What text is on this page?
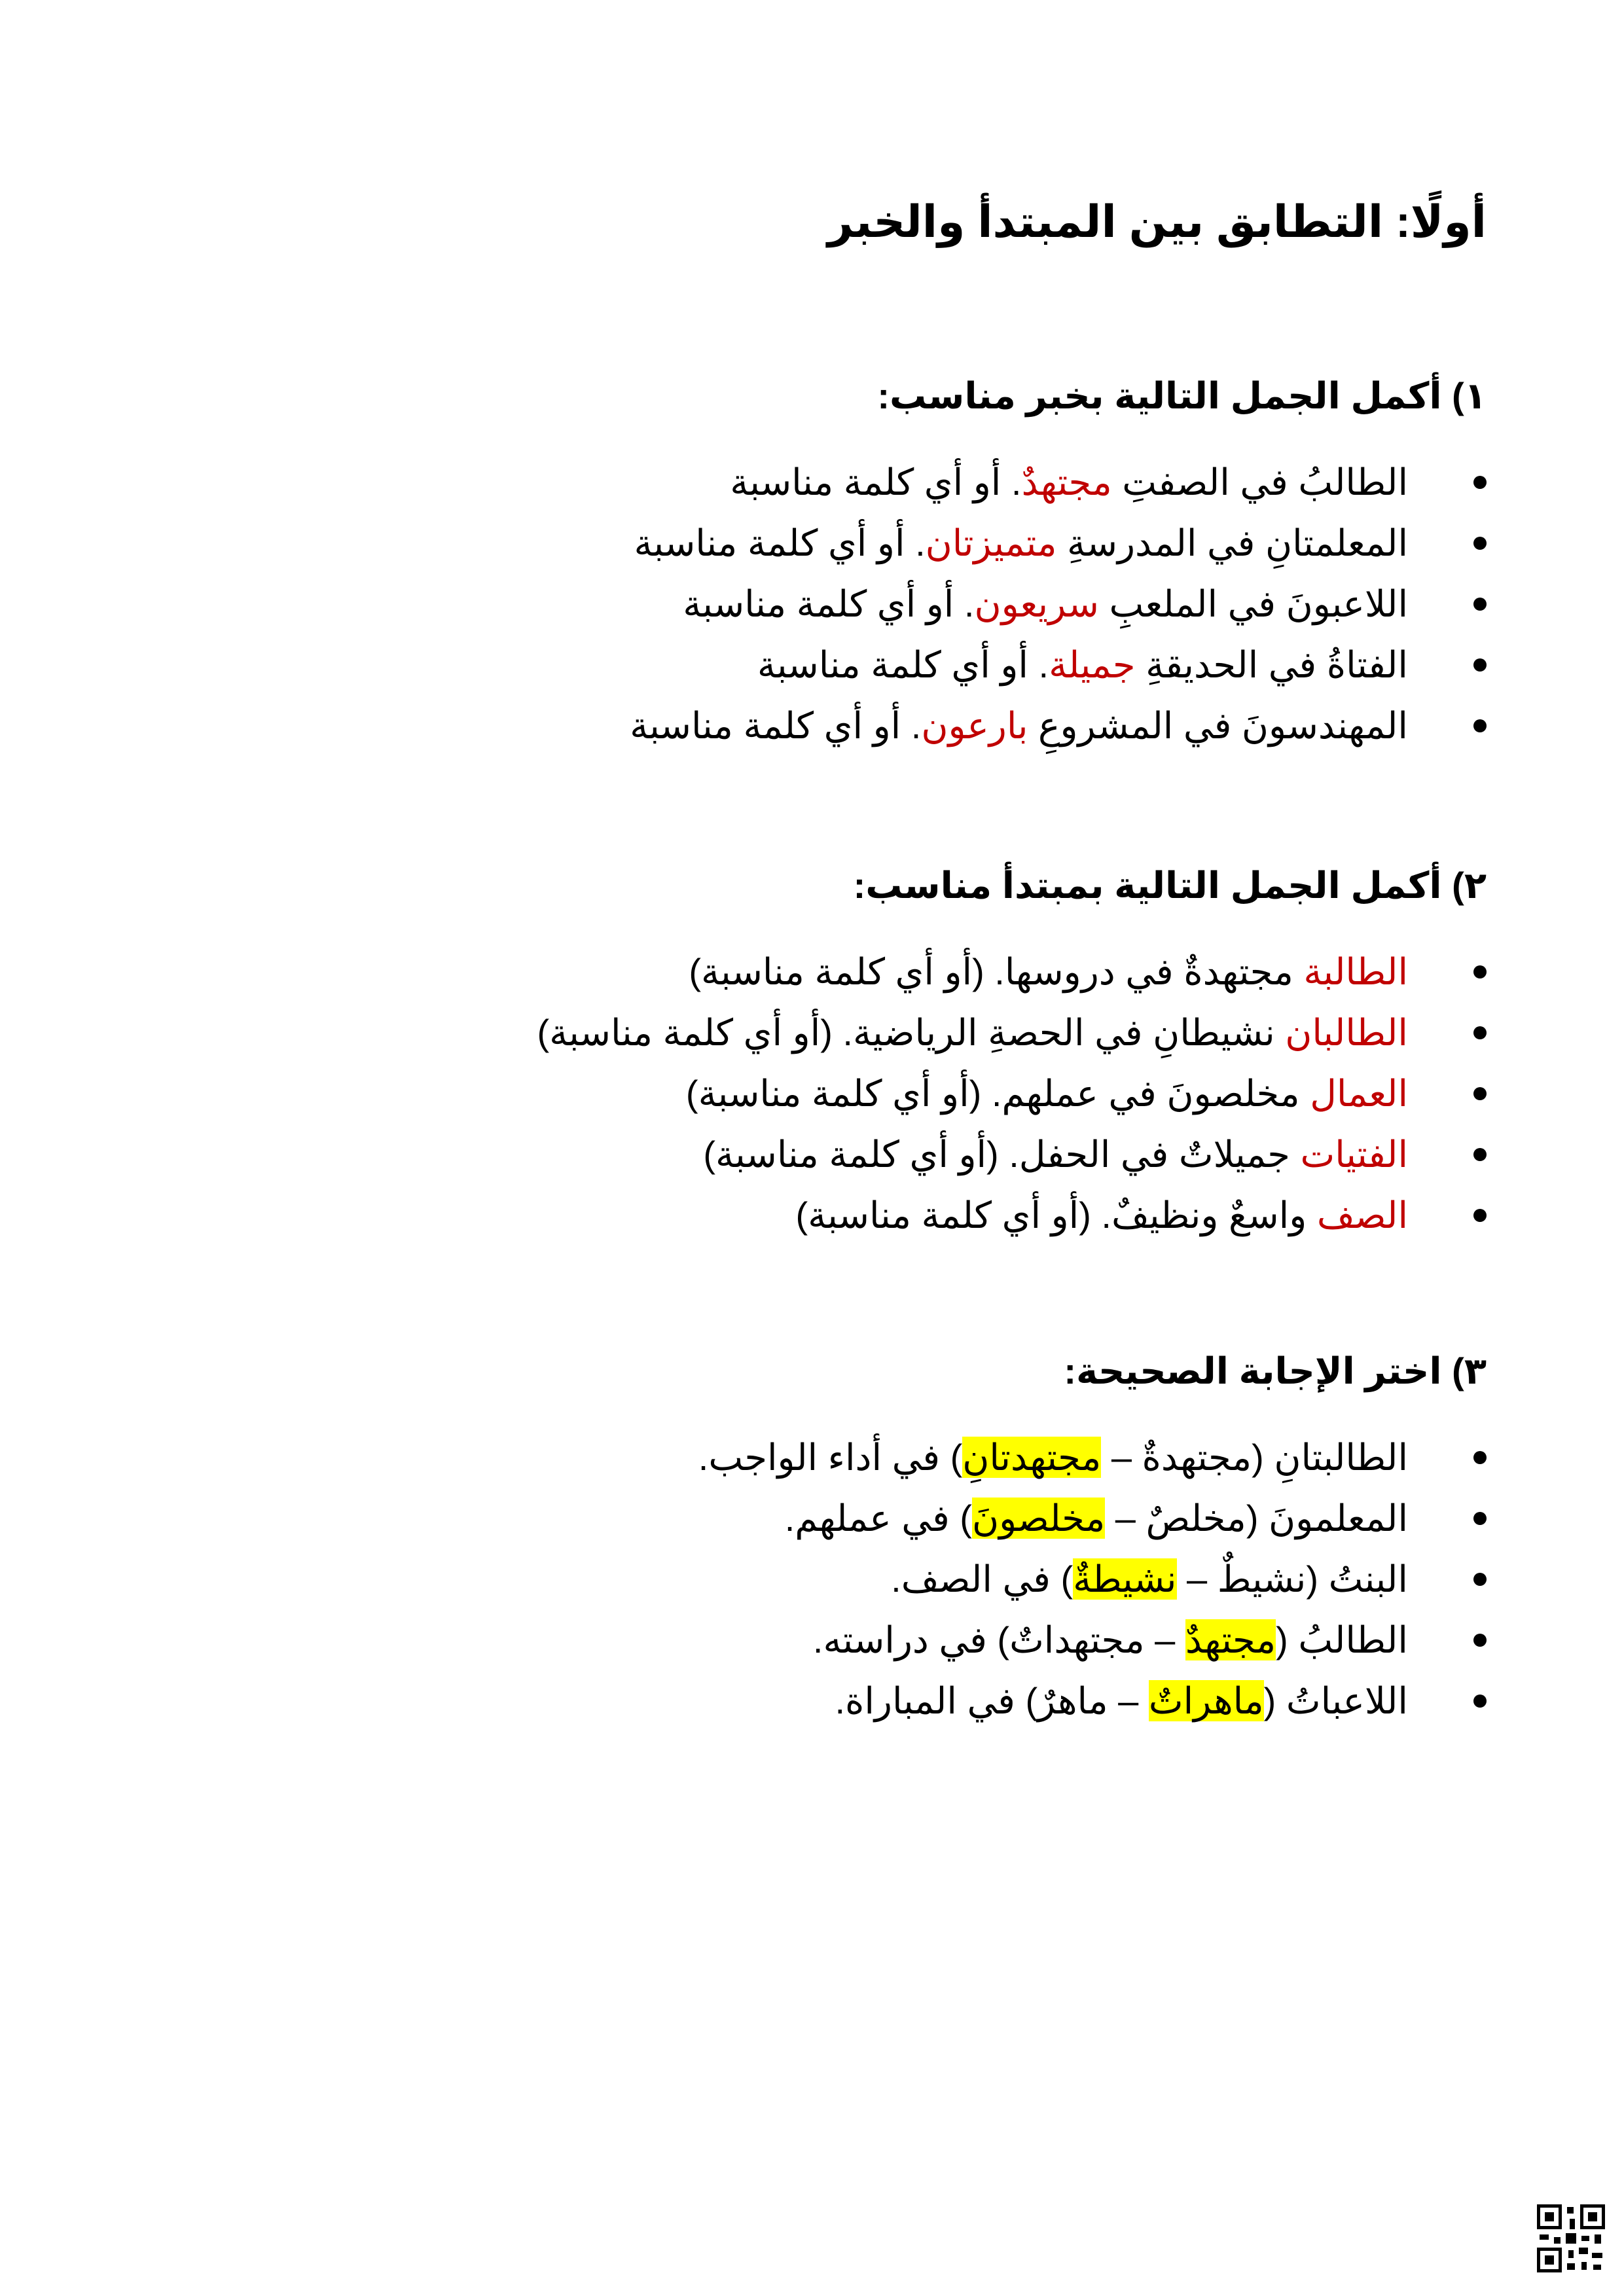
أولًا: التطابق بين المبتدأ والخبر
١) أكمل الجمل التالية بخبر مناسب:
الطالبُ في الصفتِ مجتهدٌ. أو أي كلمة مناسبة
المعلمتانِ في المدرسةِ متميزتان. أو أي كلمة مناسبة
اللاعبونَ في الملعبِ سريعون. أو أي كلمة مناسبة
الفتاةُ في الحديقةِ جميلة. أو أي كلمة مناسبة
المهندسونَ في المشروعِ بارعون. أو أي كلمة مناسبة
٢) أكمل الجمل التالية بمبتدأ مناسب:
الطالبة مجتهدةٌ في دروسها. (أو أي كلمة مناسبة)
الطالبان نشيطانِ في الحصةِ الرياضية. (أو أي كلمة مناسبة)
العمال مخلصونَ في عملهم. (أو أي كلمة مناسبة)
الفتيات جميلاتٌ في الحفل. (أو أي كلمة مناسبة)
الصف واسعٌ ونظيفٌ. (أو أي كلمة مناسبة)
٣) اختر الإجابة الصحيحة:
الطالبتانِ (مجتهدةٌ – مجتهدتانِ) في أداء الواجب.
المعلمونَ (مخلصٌ – مخلصونَ) في عملهم.
البنتُ (نشيطٌ – نشيطةٌ) في الصف.
الطالبُ (مجتهدٌ – مجتهداتٌ) في دراسته.
اللاعباتُ (ماهراتٌ – ماهرٌ) في المباراة.
